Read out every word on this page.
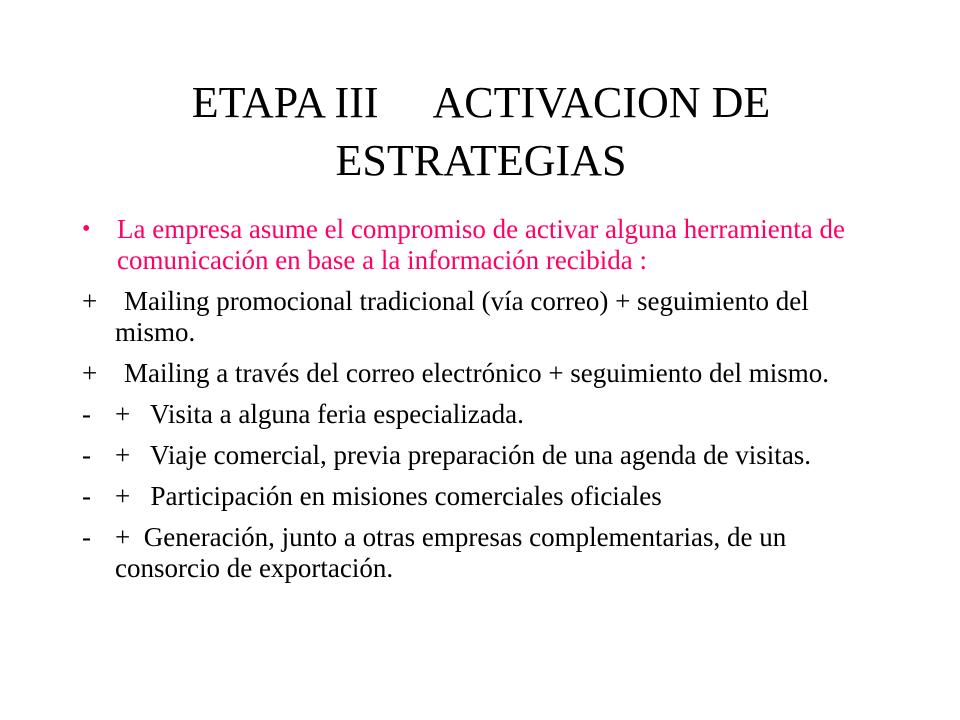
ETAPA III ACTIVACION DE ESTRATEGIAS
• La empresa asume el compromiso de activar alguna herramienta de comunicación en base a la información recibida :
+ Mailing promocional tradicional (vía correo) + seguimiento del mismo.
+ Mailing a través del correo electrónico + seguimiento del mismo.
- +   Visita a alguna feria especializada.
- +   Viaje comercial, previa preparación de una agenda de visitas.
- +   Participación en misiones comerciales oficiales
- +  Generación, junto a otras empresas complementarias, de un consorcio de exportación.
